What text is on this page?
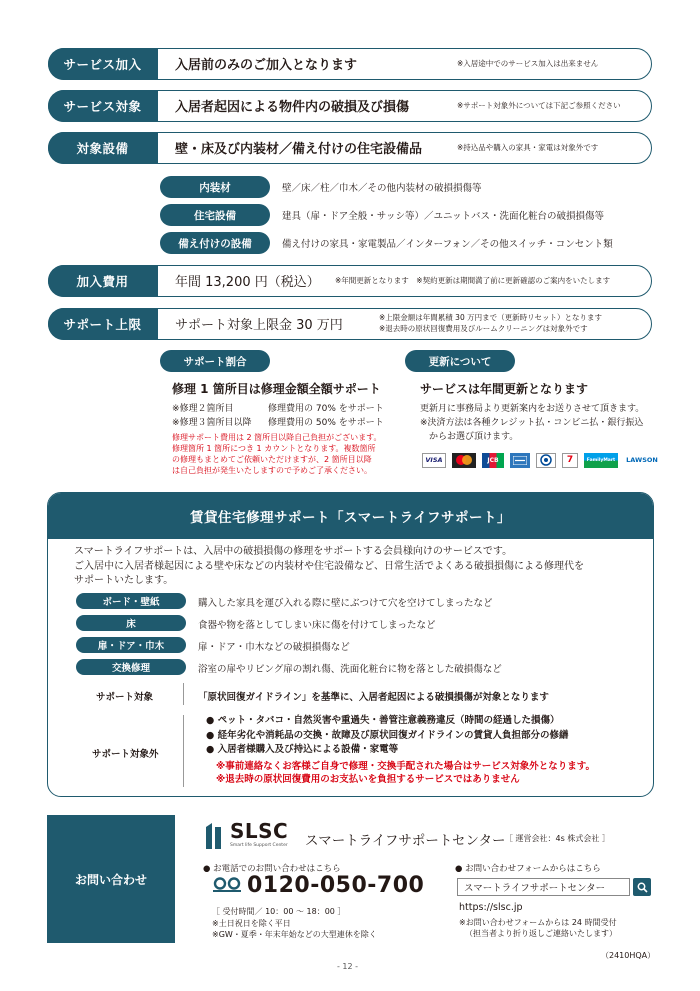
サービス加入	入居前のみのご加入となります	※入居途中でのサービス加入は出来ません
サービス対象	入居者起因による物件内の破損及び損傷	※サポート対象外については下記ご参照ください
対象設備	壁・床及び内装材／備え付けの住宅設備品	※持込品や購入の家具・家電は対象外です
内装材	壁／床／柱／巾木／その他内装材の破損損傷等
住宅設備	建具（扉・ドア全般・サッシ等）／ユニットバス・洗面化粧台の破損損傷等
備え付けの設備	備え付けの家具・家電製品／インターフォン／その他スイッチ・コンセント類
加入費用	年間 13,200 円（税込） ※年間更新となります　※契約更新は期間満了前に更新確認のご案内をいたします
サポート上限	サポート対象上限金 30 万円
※上限金額は年間累積 30 万円まで（更新時リセット）となります
※退去時の原状回復費用及びルームクリーニングは対象外です
サポート割合
修理 1 箇所目は修理金額全額サポート
※修理２箇所目	修理費用の 70% をサポート
※修理３箇所目以降 修理費用の 50% をサポート
修理サポート費用は 2 箇所目以降自己負担がございます。
修理箇所 1 箇所につき 1 カウントとなります。複数箇所
の修理もまとめてご依頼いただけますが、2 箇所目以降
は自己負担が発生いたしますので予めご了承ください。
更新について
サービスは年間更新となります
更新月に事務局より更新案内をお送りさせて頂きます。
※決済方法は各種クレジット払・コンビニ払・銀行振込
　からお選び頂けます。
VISA	JCB	7	FamilyMart	LAWSON
賃貸住宅修理サポート「スマートライフサポート」
スマートライフサポートは、入居中の破損損傷の修理をサポートする会員様向けのサービスです。
ご入居中に入居者様起因による壁や床などの内装材や住宅設備など、日常生活でよくある破損損傷による修理代を
サポートいたします。
ボード・壁紙	購入した家具を運び入れる際に壁にぶつけて穴を空けてしまったなど
床	食器や物を落としてしまい床に傷を付けてしまったなど
扉・ドア・巾木	扉・ドア・巾木などの破損損傷など
交換修理	浴室の扉やリビング扉の割れ傷、洗面化粧台に物を落とした破損傷など
サポート対象	「原状回復ガイドライン」を基準に、入居者起因による破損損傷が対象となります
サポート対象外
● ペット・タバコ・自然災害や重過失・善管注意義務違反（時間の経過した損傷）
● 経年劣化や消耗品の交換・故障及び原状回復ガイドラインの賃貸人負担部分の修繕
● 入居者様購入及び持込による設備・家電等
※事前連絡なくお客様ご自身で修理・交換手配された場合はサービス対象外となります。
※退去時の原状回復費用のお支払いを負担するサービスではありません
お問い合わせ
SLSC
Smart life Support Center スマートライフサポートセンター ［ 運営会社：4s 株式会社 ］
● お電話でのお問い合わせはこちら
0120-050-700
［ 受付時間／ 10：00 ～ 18：00 ］
※土日祝日を除く平日
※GW・夏季・年末年始などの大型連休を除く
● お問い合わせフォームからはこちら
スマートライフサポートセンター
https://slsc.jp
※お問い合わせフォームからは 24 時間受付
（担当者より折り返しご連絡いたします）
（2410HQA）
- 12 -
